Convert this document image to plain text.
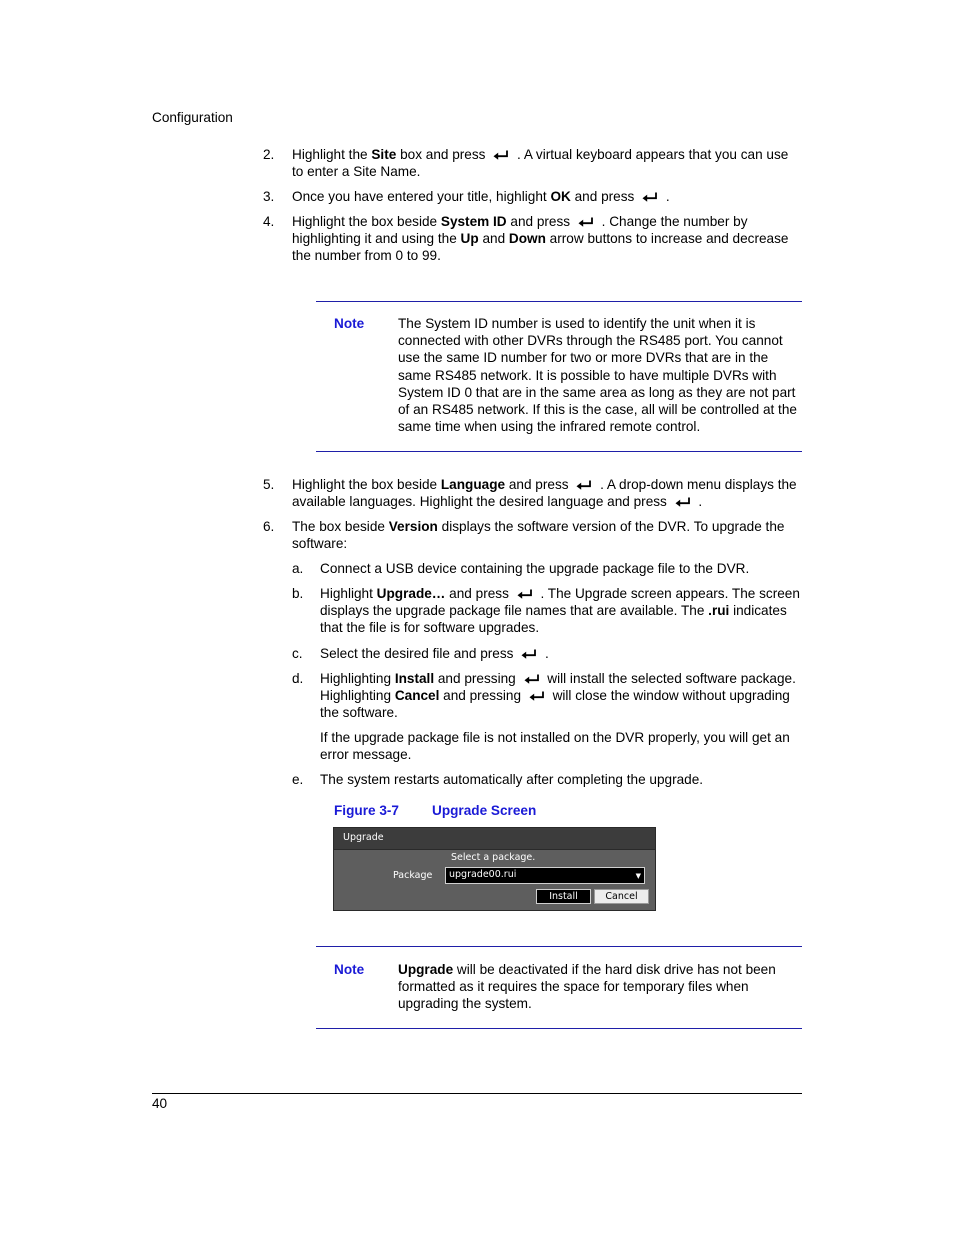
Configuration
2. Highlight the Site box and press
. A virtual keyboard appears that you can use to enter a Site Name.
3. Once you have entered your title, highlight OK and press
.
4. Highlight the box beside System ID and press
. Change the number by highlighting it and using the Up and Down arrow buttons to increase and decrease the number from 0 to 99.
Note The System ID number is used to identify the unit when it is connected with other DVRs through the RS485 port. You cannot use the same ID number for two or more DVRs that are in the same RS485 network. It is possible to have multiple DVRs with System ID 0 that are in the same area as long as they are not part of an RS485 network. If this is the case, all will be controlled at the same time when using the infrared remote control.
5. Highlight the box beside Language and press
. A drop-down menu displays the available languages. Highlight the desired language and press
.
6. The box beside Version displays the software version of the DVR. To upgrade the software:
a. Connect a USB device containing the upgrade package file to the DVR.
b. Highlight Upgrade… and press
. The Upgrade screen appears. The screen displays the upgrade package file names that are available. The .rui indicates that the file is for software upgrades.
c. Select the desired file and press
.
d. Highlighting Install and pressing
will install the selected software package. Highlighting Cancel and pressing
will close the window without upgrading the software.
If the upgrade package file is not installed on the DVR properly, you will get an error message.
e. The system restarts automatically after completing the upgrade.
Figure 3-7 Upgrade Screen
Upgrade
Select a package.
Package upgrade00.rui	▼
Install	Cancel
Note Upgrade will be deactivated if the hard disk drive has not been formatted as it requires the space for temporary files when upgrading the system.
40
